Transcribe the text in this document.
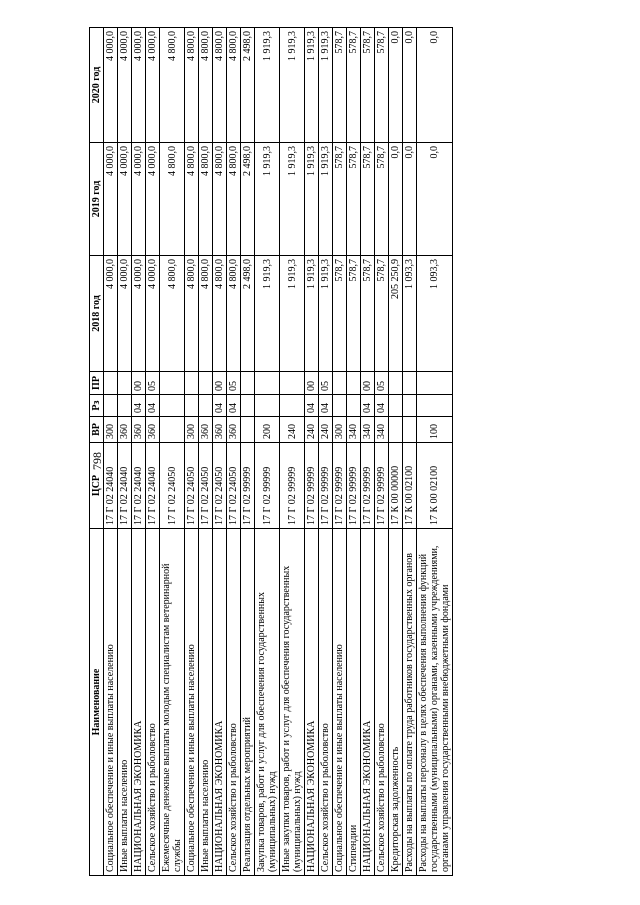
798
Наименование	ЦСР	ВР	Рз	ПР	2018 год	2019 год	2020 год
Социальное обеспечение и иные выплаты населению	17 Г 02 24040	300			4 000,0	4 000,0	4 000,0
Иные выплаты населению	17 Г 02 24040	360			4 000,0	4 000,0	4 000,0
НАЦИОНАЛЬНАЯ ЭКОНОМИКА	17 Г 02 24040	360	04	00	4 000,0	4 000,0	4 000,0
Сельское хозяйство и рыболовство	17 Г 02 24040	360	04	05	4 000,0	4 000,0	4 000,0
Ежемесячные денежные выплаты молодым специалистам ветеринарной службы	17 Г 02 24050				4 800,0	4 800,0	4 800,0
Социальное обеспечение и иные выплаты населению	17 Г 02 24050	300			4 800,0	4 800,0	4 800,0
Иные выплаты населению	17 Г 02 24050	360			4 800,0	4 800,0	4 800,0
НАЦИОНАЛЬНАЯ ЭКОНОМИКА	17 Г 02 24050	360	04	00	4 800,0	4 800,0	4 800,0
Сельское хозяйство и рыболовство	17 Г 02 24050	360	04	05	4 800,0	4 800,0	4 800,0
Реализация отдельных мероприятий	17 Г 02 99999				2 498,0	2 498,0	2 498,0
Закупка товаров, работ и услуг для обеспечения государственных (муниципальных) нужд	17 Г 02 99999	200			1 919,3	1 919,3	1 919,3
Иные закупки товаров, работ и услуг для обеспечения государственных (муниципальных) нужд	17 Г 02 99999	240			1 919,3	1 919,3	1 919,3
НАЦИОНАЛЬНАЯ ЭКОНОМИКА	17 Г 02 99999	240	04	00	1 919,3	1 919,3	1 919,3
Сельское хозяйство и рыболовство	17 Г 02 99999	240	04	05	1 919,3	1 919,3	1 919,3
Социальное обеспечение и иные выплаты населению	17 Г 02 99999	300			578,7	578,7	578,7
Стипендии	17 Г 02 99999	340			578,7	578,7	578,7
НАЦИОНАЛЬНАЯ ЭКОНОМИКА	17 Г 02 99999	340	04	00	578,7	578,7	578,7
Сельское хозяйство и рыболовство	17 Г 02 99999	340	04	05	578,7	578,7	578,7
Кредиторская задолженность	17 К 00 00000				205 250,9	0,0	0,0
Расходы на выплаты по оплате труда работников государственных органов	17 К 00 02100				1 093,3	0,0	0,0
Расходы на выплаты персоналу в целях обеспечения выполнения функций государственными (муниципальными) органами, казенными учреждениями, органами управления государственными внебюджетными фондами	17 К 00 02100	100			1 093,3	0,0	0,0
